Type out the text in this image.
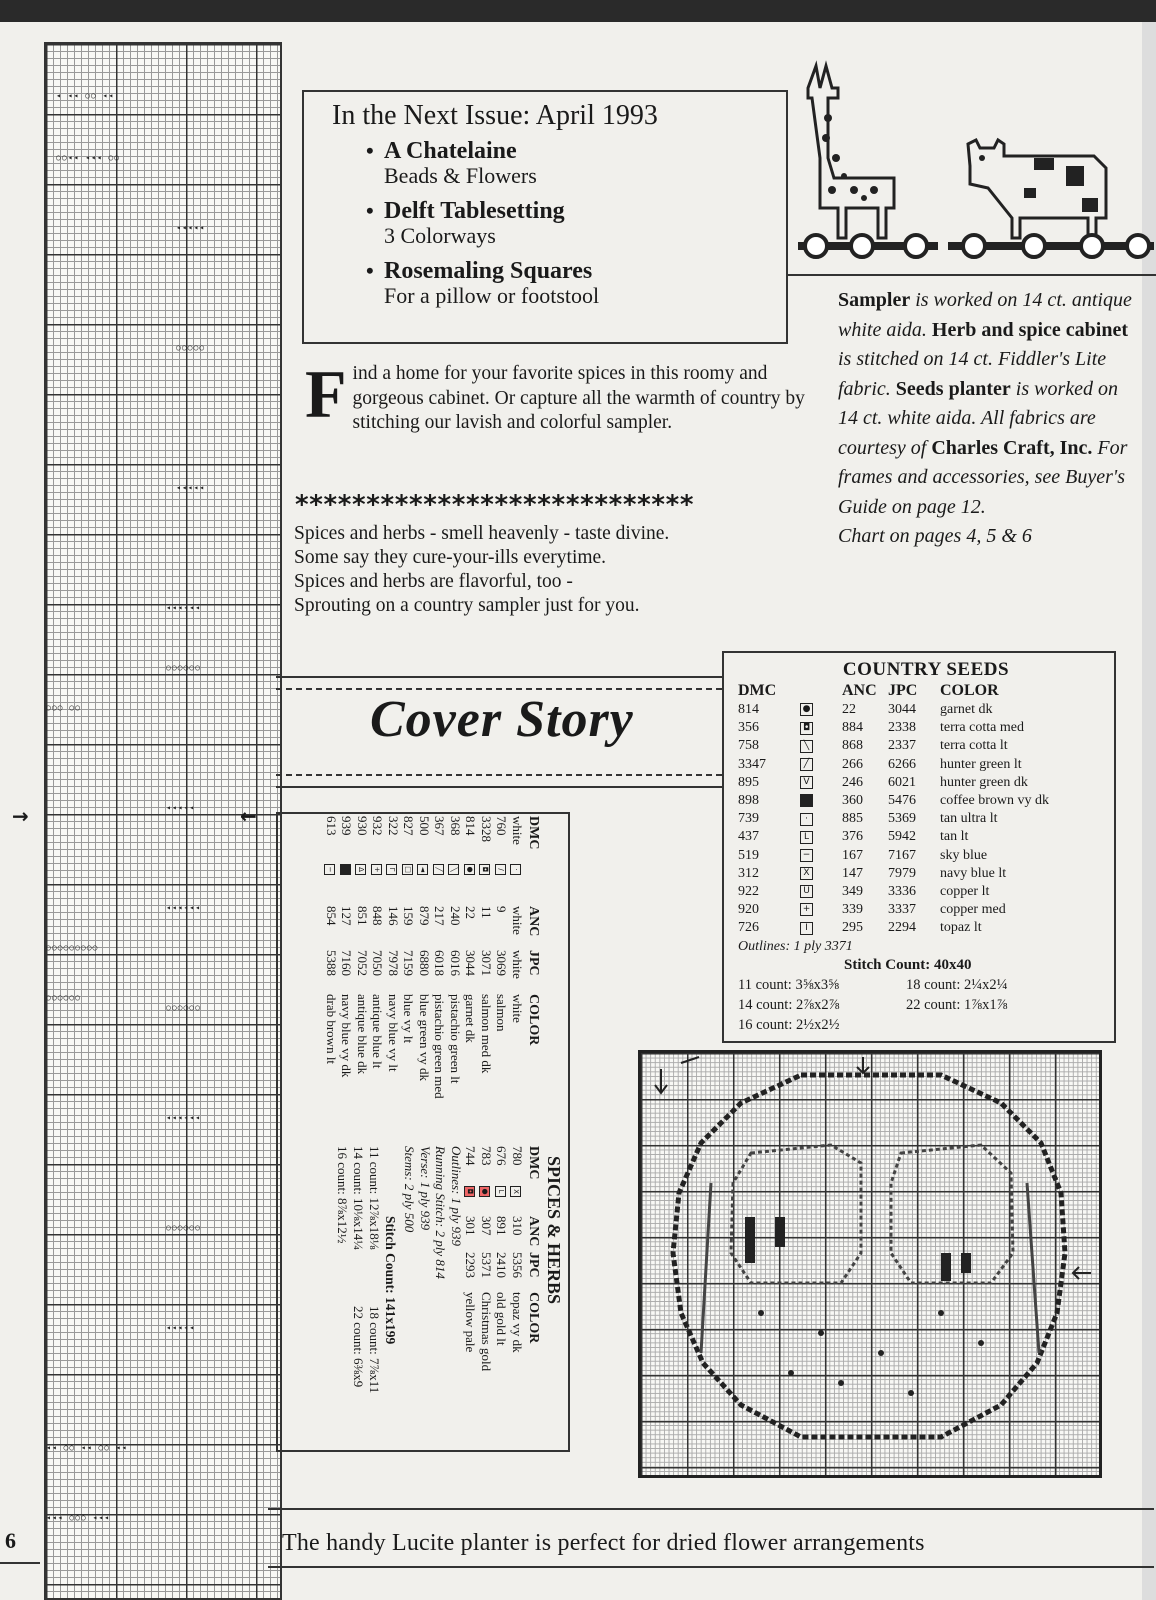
◂ ◂◂ ○○ ◂◂
○○◂◂ ◂◂◂ ○○
◂◂◂◂◂
○○○○○
◂◂◂◂◂
◂◂◂◂◂◂
○○○○○○
○○○ ○○
◂◂◂◂◂
◂◂◂◂◂◂
○○○○○○○○○
○○○○○○
○○○○○○
◂◂◂◂◂◂
○○○○○○
◂◂◂◂◂
◂◂ ○○ ◂◂ ○○ ◂◂
◂◂◂ ○○○ ◂◂◂
→	←
6
In the Next Issue: April 1993
• A Chatelaine
Beads & Flowers
• Delft Tablesetting
3 Colorways
• Rosemaling Squares
For a pillow or footstool
Find a home for your favorite spices in this roomy and gorgeous cabinet. Or capture all the warmth of country by stitching our lavish and colorful sampler.
****************************
Spices and herbs - smell heavenly - taste divine.
Some say they cure-your-ills everytime.
Spices and herbs are flavorful, too -
Sprouting on a country sampler just for you.
Sampler is worked on 14 ct. antique white aida. Herb and spice cabinet is stitched on 14 ct. Fiddler's Lite fabric. Seeds planter is worked on 14 ct. white aida. All fabrics are courtesy of Charles Craft, Inc. For frames and accessories, see Buyer's Guide on page 12.
Chart on pages 4, 5 & 6
Cover Story
COUNTRY SEEDS
DMC		ANC	JPC	COLOR
814	●	22	3044	garnet dk
356	◘	884	2338	terra cotta med
758	╲	868	2337	terra cotta lt
3347	╱	266	6266	hunter green lt
895	V	246	6021	hunter green dk
898		360	5476	coffee brown vy dk
739	·	885	5369	tan ultra lt
437	L	376	5942	tan lt
519	−	167	7167	sky blue
312	X	147	7979	navy blue lt
922	U	349	3336	copper lt
920	+	339	3337	copper med
726	I	295	2294	topaz lt
Outlines: 1 ply 3371
Stitch Count: 40x40
11 count: 3⅝x3⅝	18 count: 2¼x2¼
14 count: 2⅞x2⅞	22 count: 1⅞x1⅞
16 count: 2½x2½
SPICES & HERBS
DMC		ANC	JPC	COLOR
white	·	white	white	white
760	/	9	3069	salmon
3328	◘	11	3071	salmon med dk
814	●	22	3044	garnet dk
368	╲	240	6016	pistachio green lt
367	╱	217	6018	pistachio green med
500	◄	879	6880	blue green vy dk
827	□	159	7159	blue vy lt
322	Γ	146	7978	navy blue vy lt
932	+	848	7050	antique blue lt
930	Δ	851	7052	antique blue dk
939		127	7160	navy blue vy dk
613	−	854	5388	drab brown lt
DMC		ANC	JPC	COLOR
780	X	310	5356	topaz vy dk
676	L	891	2410	old gold lt
783	●	307	5371	Christmas gold
744	◘	301	2293	yellow pale
Outlines: 1 ply 939
Running Stitch: 2 ply 814
Verse: 1 ply 939
Stems: 2 ply 500
Stitch Count: 141x199
11 count: 12⅞x18⅛
18 count: 7⅞x11
14 count: 10⅛x14¼
22 count: 6⅜x9
16 count: 8⅞x12½
The handy Lucite planter is perfect for dried flower arrangements
